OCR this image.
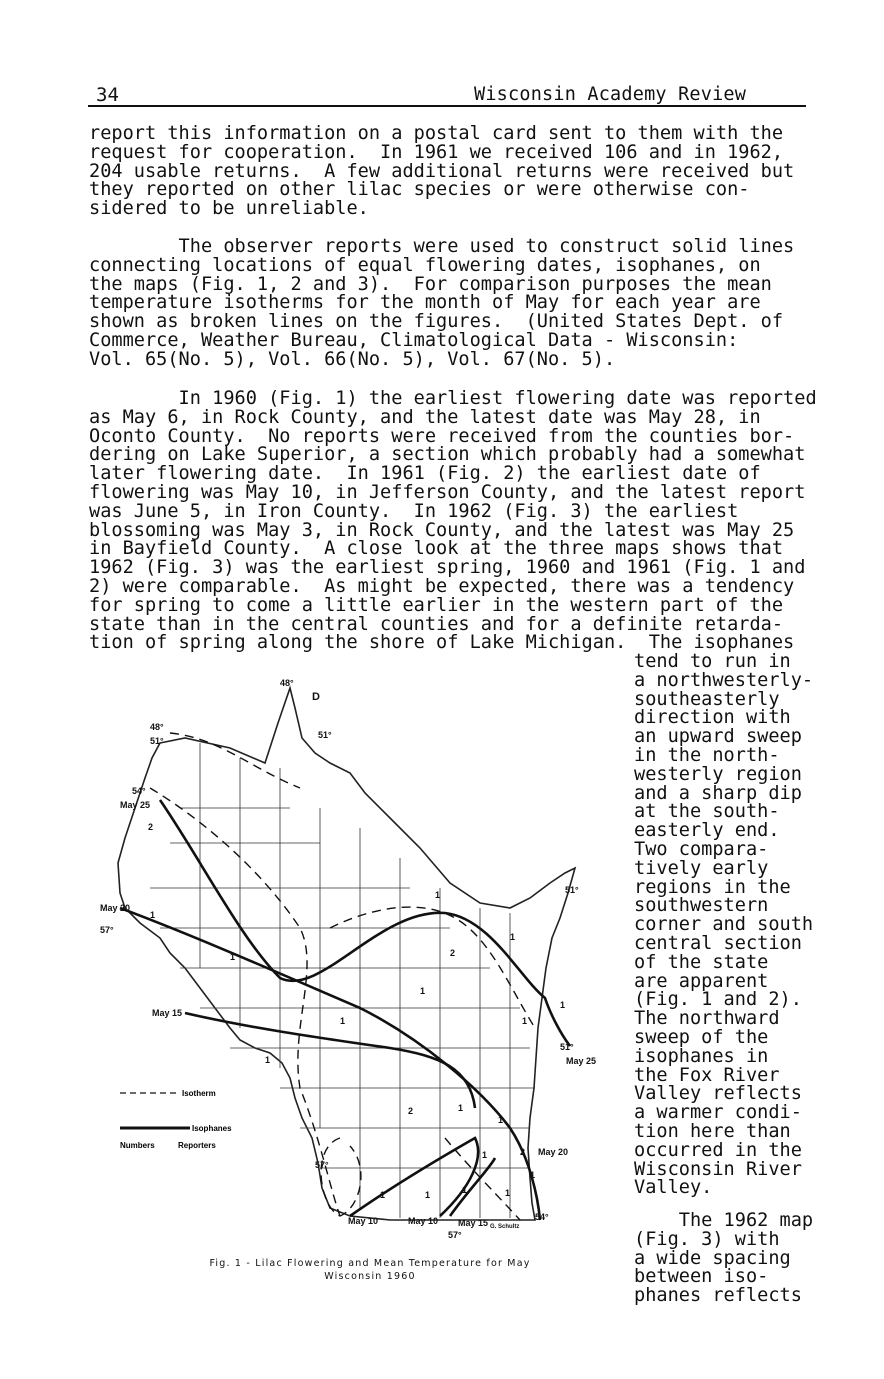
34	Wisconsin Academy Review
report this information on a postal card sent to them with the
request for cooperation.  In 1961 we received 106 and in 1962,
204 usable returns.  A few additional returns were received but
they reported on other lilac species or were otherwise con-
sidered to be unreliable.
The observer reports were used to construct solid lines
connecting locations of equal flowering dates, isophanes, on
the maps (Fig. 1, 2 and 3).  For comparison purposes the mean
temperature isotherms for the month of May for each year are
shown as broken lines on the figures.  (United States Dept. of
Commerce, Weather Bureau, Climatological Data - Wisconsin:
Vol. 65(No. 5), Vol. 66(No. 5), Vol. 67(No. 5).
In 1960 (Fig. 1) the earliest flowering date was reported
as May 6, in Rock County, and the latest date was May 28, in
Oconto County.  No reports were received from the counties bor-
dering on Lake Superior, a section which probably had a somewhat
later flowering date.  In 1961 (Fig. 2) the earliest date of
flowering was May 10, in Jefferson County, and the latest report
was June 5, in Iron County.  In 1962 (Fig. 3) the earliest
blossoming was May 3, in Rock County, and the latest was May 25
in Bayfield County.  A close look at the three maps shows that
1962 (Fig. 3) was the earliest spring, 1960 and 1961 (Fig. 1 and
2) were comparable.  As might be expected, there was a tendency
for spring to come a little earlier in the western part of the
state than in the central counties and for a definite retarda-
tion of spring along the shore of Lake Michigan.  The isophanes
tend to run in
a northwesterly-
southeasterly
direction with
an upward sweep
in the north-
westerly region
and a sharp dip
at the south-
easterly end.
Two compara-
tively early
regions in the
southwestern
corner and south
central section
of the state
are apparent
(Fig. 1 and 2).
The northward
sweep of the
isophanes in
the Fox River
Valley reflects
a warmer condi-
tion here than
occurred in the
Wisconsin River
Valley.
The 1962 map
(Fig. 3) with
a wide spacing
between iso-
phanes reflects
48°
48°
51°
51°
51°
51°
54°
54°
57°
57°
57°
May 25
May 20
May 15
May 10	May 10 May 15
May 20
May 25
2
1
1
1
2
1
1
1
1
1
1
2	1
1
2
1
1	1	1
1
1
G. Schultz
D
Isotherm
Isophanes
Numbers	Reporters
Fig. 1 - Lilac Flowering and Mean Temperature for May
Wisconsin 1960
